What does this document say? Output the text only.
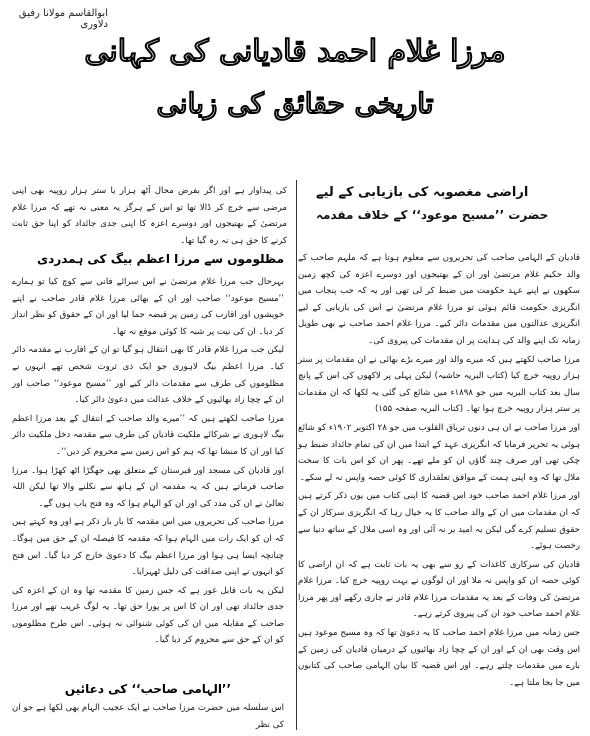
ابوالقاسم مولانا رفیق دلاوری
مرزا غلام احمد قادیانی کی کہانی
تاریخی حقائق کی زبانی
اراضی مغصوبہ کی بازیابی کے لیے
حضرت ’’مسیح موعود‘‘ کے خلاف مقدمہ

قادیان کے الہامی صاحب کی تحریروں سے معلوم ہوتا ہے کہ ملہم صاحب کے والد حکیم غلام مرتضیٰ اور ان کے بھتیجوں اور دوسرے اعزہ کی کچھ زمین سکھوں نے اپنے عہد حکومت میں ضبط کر لی تھی اور یہ کہ جب پنجاب میں انگریزی حکومت قائم ہوئی تو مرزا غلام مرتضیٰ نے اس کی بازیابی کے لیے انگریزی عدالتوں میں مقدمات دائر کیے۔ مرزا غلام احمد صاحب نے بھی طویل زمانہ تک اپنے والد کی ہدایت پر ان مقدمات کی پیروی کی۔

مرزا صاحب لکھتے ہیں کہ میرے والد اور میرے بڑے بھائی نے ان مقدمات پر ستر ہزار روپیہ خرچ کیا (کتاب البریہ حاشیہ) لیکن پہلی پر لاکھوں کی اس کے پانچ سال بعد کتاب البریہ میں جو ۱۸۹۸ء میں شائع کی گئی یہ لکھا کہ ان مقدمات پر ستر ہزار روپیہ خرچ ہوا تھا۔ (کتاب البریہ صفحہ ۱۵۵)

اور مرزا صاحب نے ان ہی دنوں تریاق القلوب میں جو ۲۸ اکتوبر ۱۹۰۲ء کو شائع ہوئی یہ تحریر فرمایا کہ انگریزی عہد کے ابتدا میں ان کی تمام جائداد ضبط ہو چکی تھی اور صرف چند گاؤں ان کو ملے تھے۔ پھر ان کو اس بات کا سخت ملال تھا کہ وہ اپنی ہمت کے موافق تعلقداری کا کوئی حصہ واپس نہ لے سکے۔

اور مرزا غلام احمد صاحب خود اس قضیہ کا اپنی کتاب میں یوں ذکر کرتے ہیں کہ ان مقدمات میں ان کے والد صاحب کا یہ خیال رہا کہ انگریزی سرکار ان کے حقوق تسلیم کرے گی لیکن یہ امید بر نہ آئی اور وہ اسی ملال کے ساتھ دنیا سے رخصت ہوئے۔

قادیان کی سرکاری کاغذات کے رو سے بھی یہ بات ثابت ہے کہ ان اراضی کا کوئی حصہ ان کو واپس نہ ملا اور ان لوگوں نے بہت روپیہ خرچ کیا۔ مرزا غلام مرتضیٰ کی وفات کے بعد یہ مقدمات مرزا غلام قادر نے جاری رکھے اور پھر مرزا غلام احمد صاحب خود ان کی پیروی کرتے رہے۔

جس زمانہ میں مرزا غلام احمد صاحب کا یہ دعویٰ تھا کہ وہ مسیح موعود ہیں اس وقت بھی ان کے اور ان کے چچا زاد بھائیوں کے درمیان قادیان کی زمین کے بارے میں مقدمات چلتے رہے۔ اور اس قضیہ کا بیان الہامی صاحب کی کتابوں میں جا بجا ملتا ہے۔

کی پیداوار ہے اور اگر بفرض محال آٹھ ہزار یا ستر ہزار روپیہ بھی اپنی مرضی سے خرچ کر ڈالا تھا تو اس کے ہرگز یہ معنی نہ تھے کہ مرزا غلام مرتضیٰ کے بھتیجوں اور دوسرے اعزہ کا اپنی جدی جائداد کو اپنا حق ثابت کرنے کا حق ہی نہ رہ گیا تھا۔

مظلوموں سے مرزا اعظم بیگ کی ہمدردی

بہرحال جب مرزا غلام مرتضیٰ نے اس سرائے فانی سے کوچ کیا تو ہمارے ’’مسیح موعود‘‘ صاحب اور ان کے بھائی مرزا غلام قادر صاحب نے اپنے خویشوں اور اقارب کی زمین پر قبضہ جما لیا اور ان کے حقوق کو نظر انداز کر دیا۔ ان کی نیت پر شبہ کا کوئی موقع نہ تھا۔

لیکن جب مرزا غلام قادر کا بھی انتقال ہو گیا تو ان کے اقارب نے مقدمہ دائر کیا۔ مرزا اعظم بیگ لاہوری جو ایک ذی ثروت شخص تھے انہوں نے مظلوموں کی طرف سے مقدمات دائر کیے اور ’’مسیح موعود‘‘ صاحب اور ان کے چچا زاد بھائیوں کے خلاف عدالت میں دعویٰ دائر کیا۔

مرزا صاحب لکھتے ہیں کہ ’’میرے والد صاحب کے انتقال کے بعد مرزا اعظم بیگ لاہوری نے شرکائے ملکیت قادیان کی طرف سے مقدمہ دخل ملکیت دائر کیا اور ان کا منشا تھا کہ ہم کو اس زمین سے محروم کر دیں‘‘۔

اور قادیان کی مسجد اور قبرستان کے متعلق بھی جھگڑا اٹھ کھڑا ہوا۔ مرزا صاحب فرماتے ہیں کہ یہ مقدمہ ان کے ہاتھ سے نکلنے والا تھا لیکن اللہ تعالیٰ نے ان کی مدد کی اور ان کو الہام ہوا کہ وہ فتح یاب ہوں گے۔

مرزا صاحب کی تحریروں میں اس مقدمہ کا بار بار ذکر ہے اور وہ کہتے ہیں کہ ان کو ایک رات میں الہام ہوا کہ مقدمہ کا فیصلہ ان کے حق میں ہوگا۔ چنانچہ ایسا ہی ہوا اور مرزا اعظم بیگ کا دعویٰ خارج کر دیا گیا۔ اس فتح کو انہوں نے اپنی صداقت کی دلیل ٹھہرایا۔

لیکن یہ بات قابل غور ہے کہ جس زمین کا مقدمہ تھا وہ ان کے اعزہ کی جدی جائداد تھی اور ان کا اس پر پورا حق تھا۔ یہ لوگ غریب تھے اور مرزا صاحب کے مقابلہ میں ان کی کوئی شنوائی نہ ہوئی۔ اس طرح مظلوموں کو ان کے حق سے محروم کر دیا گیا۔

’’الہامی صاحب‘‘ کی دعائیں

اس سلسلہ میں حضرت مرزا صاحب نے ایک عجیب الہام بھی لکھا ہے جو ان کی نظر
